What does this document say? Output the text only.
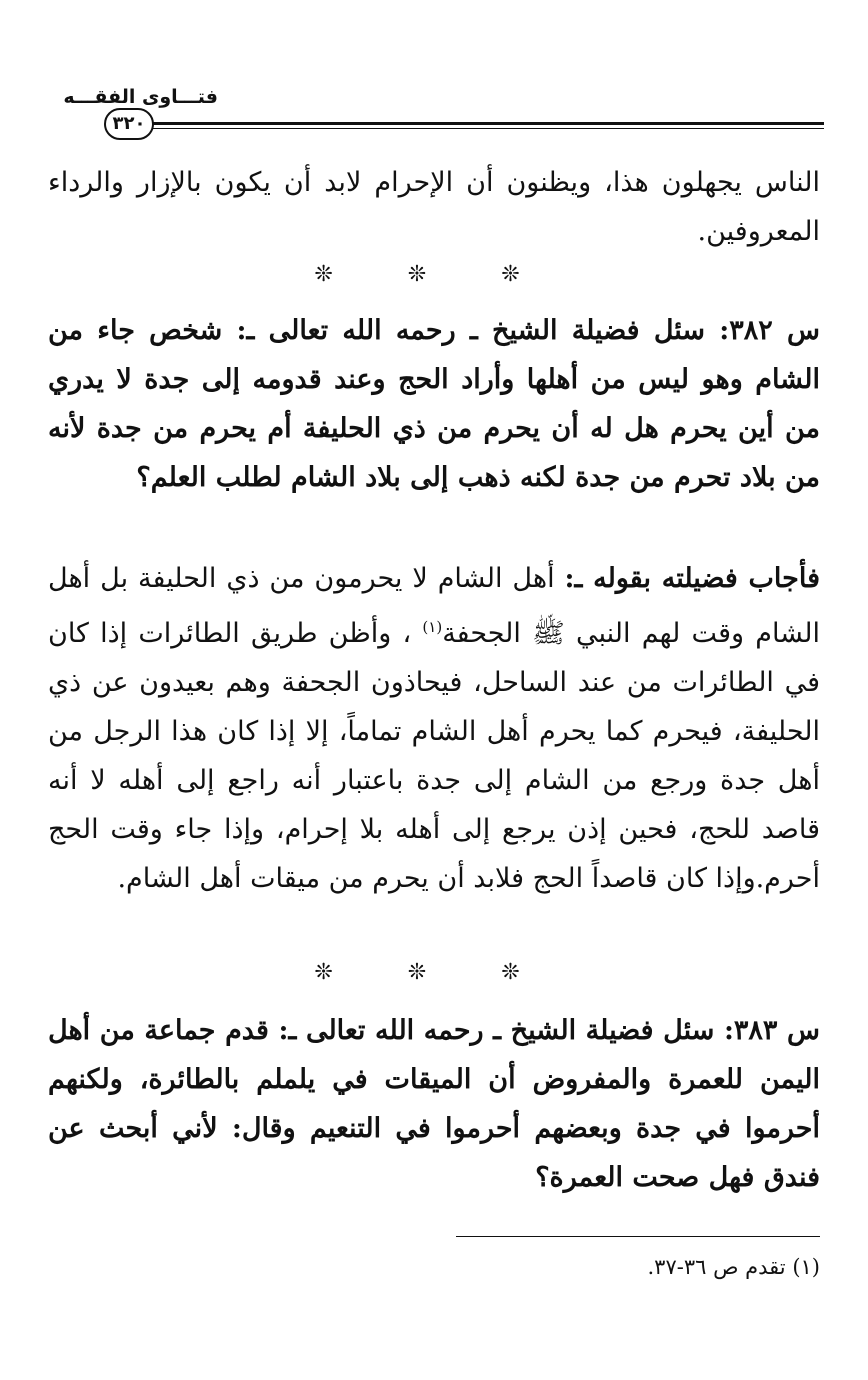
فتـــاوى الفقـــه
٣٢٠

الناس يجهلون هذا، ويظنون أن الإحرام لابد أن يكون بالإزار والرداء المعروفين.

❊ ❊ ❊

س ٣٨٢: سئل فضيلة الشيخ ـ رحمه الله تعالى ـ: شخص جاء من الشام وهو ليس من أهلها وأراد الحج وعند قدومه إلى جدة لا يدري من أين يحرم هل له أن يحرم من ذي الحليفة أم يحرم من جدة لأنه من بلاد تحرم من جدة لكنه ذهب إلى بلاد الشام لطلب العلم؟

فأجاب فضيلته بقوله ـ: أهل الشام لا يحرمون من ذي الحليفة بل أهل الشام وقت لهم النبي ﷺ الجحفة$^{(١)}$ ، وأظن طريق الطائرات إذا كان في الطائرات من عند الساحل، فيحاذون الجحفة وهم بعيدون عن ذي الحليفة، فيحرم كما يحرم أهل الشام تماماً، إلا إذا كان هذا الرجل من أهل جدة ورجع من الشام إلى جدة باعتبار أنه راجع إلى أهله لا أنه قاصد للحج، فحين إذن يرجع إلى أهله بلا إحرام، وإذا جاء وقت الحج أحرم.وإذا كان قاصداً الحج فلابد أن يحرم من ميقات أهل الشام.

❊ ❊ ❊

س ٣٨٣: سئل فضيلة الشيخ ـ رحمه الله تعالى ـ: قدم جماعة من أهل اليمن للعمرة والمفروض أن الميقات في يلملم بالطائرة، ولكنهم أحرموا في جدة وبعضهم أحرموا في التنعيم وقال: لأني أبحث عن فندق فهل صحت العمرة؟

(١) تقدم ص ٣٦-٣٧.
